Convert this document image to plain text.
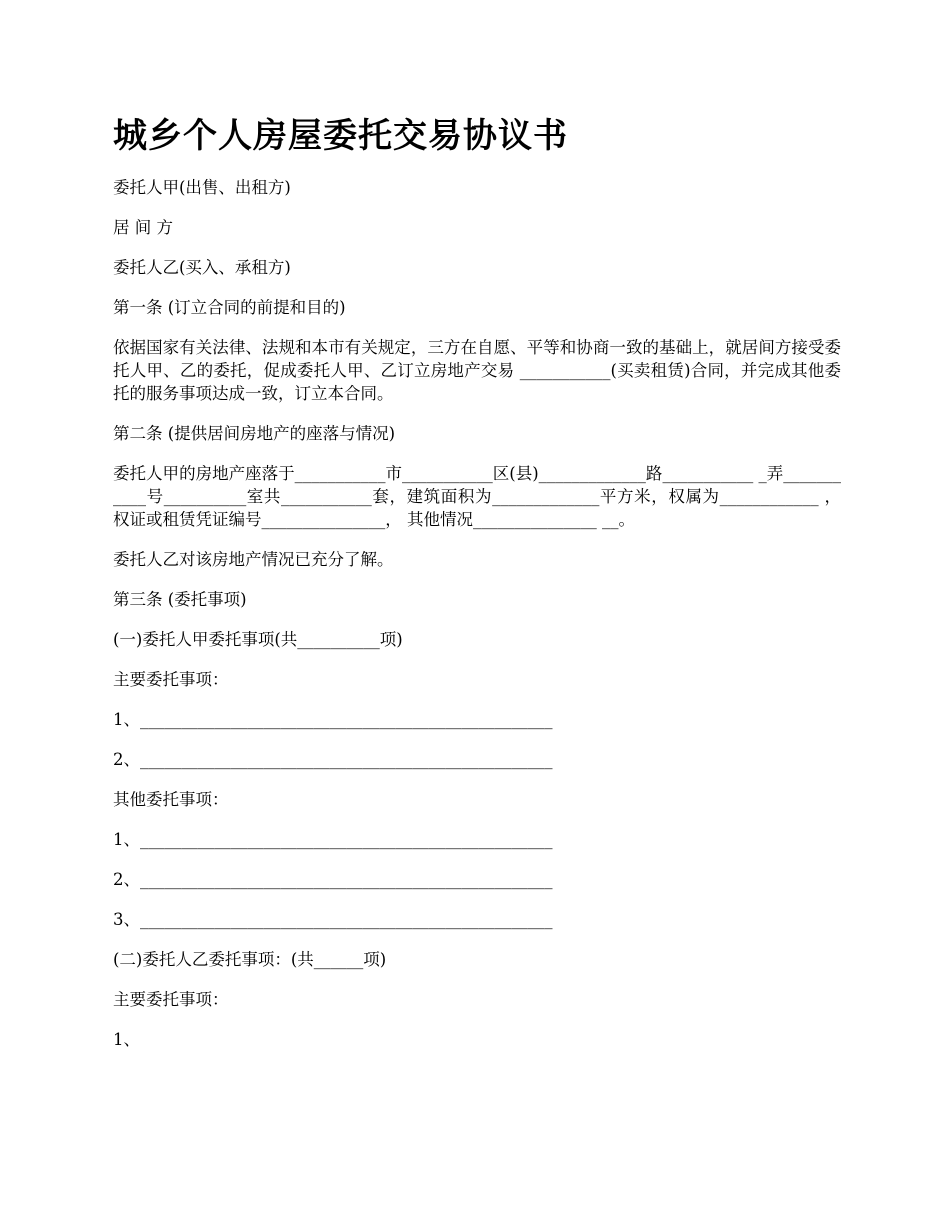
城乡个人房屋委托交易协议书

委托人甲(出售、出租方)

居 间 方

委托人乙(买入、承租方)

第一条 (订立合同的前提和目的)

依据国家有关法律、法规和本市有关规定，三方在自愿、平等和协商一致的基础上，就居间方接受委托人甲、乙的委托，促成委托人甲、乙订立房地产交易 ___________(买卖租赁)合同，并完成其他委托的服务事项达成一致，订立本合同。

第二条 (提供居间房地产的座落与情况)

委托人甲的房地产座落于___________市___________区(县)_____________路___________ _弄___________号__________室共___________套，建筑面积为_____________平方米，权属为____________ ，权证或租赁凭证编号_______________， 其他情况_______________ __。

委托人乙对该房地产情况已充分了解。

第三条 (委托事项)

(一)委托人甲委托事项(共__________项)

主要委托事项：

1、__________________________________________________

2、__________________________________________________

其他委托事项：

1、__________________________________________________

2、__________________________________________________

3、__________________________________________________

(二)委托人乙委托事项：(共______项)

主要委托事项：

1、
